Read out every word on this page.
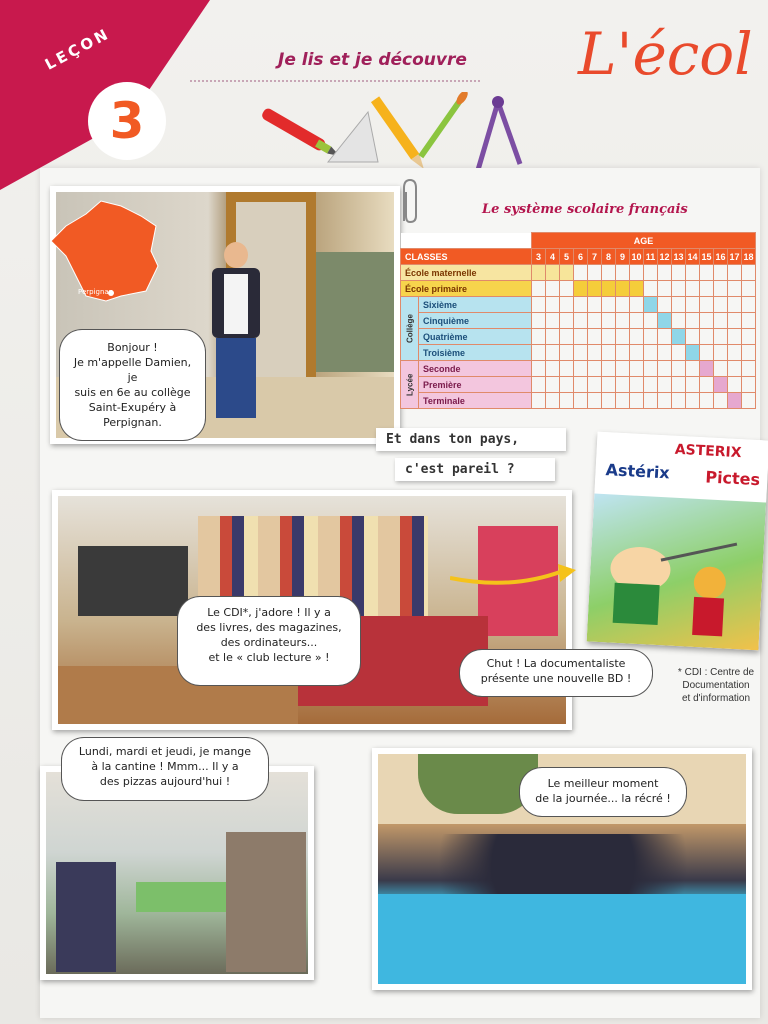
LEÇON
3
Je lis et je découvre L'écol
Perpignan
Bonjour !
Je m'appelle Damien, je
suis en 6e au collège
Saint-Exupéry à
Perpignan.
Le système scolaire français
		AGE															
CLASSES		3	4	5	6	7	8	9	10	11	12	13	14	15	16	17	18
École maternelle																	
École primaire																	
Collège	Sixième																
	Cinquième																
	Quatrième																
	Troisième																
Lycée	Seconde																
	Première																
	Terminale																
Et dans ton pays,
c'est pareil ?
ASTERIX
Astérix Pictes
Le CDI*, j'adore ! Il y a
des livres, des magazines,
des ordinateurs...
et le « club lecture » !	Chut ! La documentaliste
présente une nouvelle BD !	* CDI : Centre de
Documentation
et d'information
Lundi, mardi et jeudi, je mange
à la cantine ! Mmm... Il y a
des pizzas aujourd'hui !	Le meilleur moment
de la journée... la récré !
